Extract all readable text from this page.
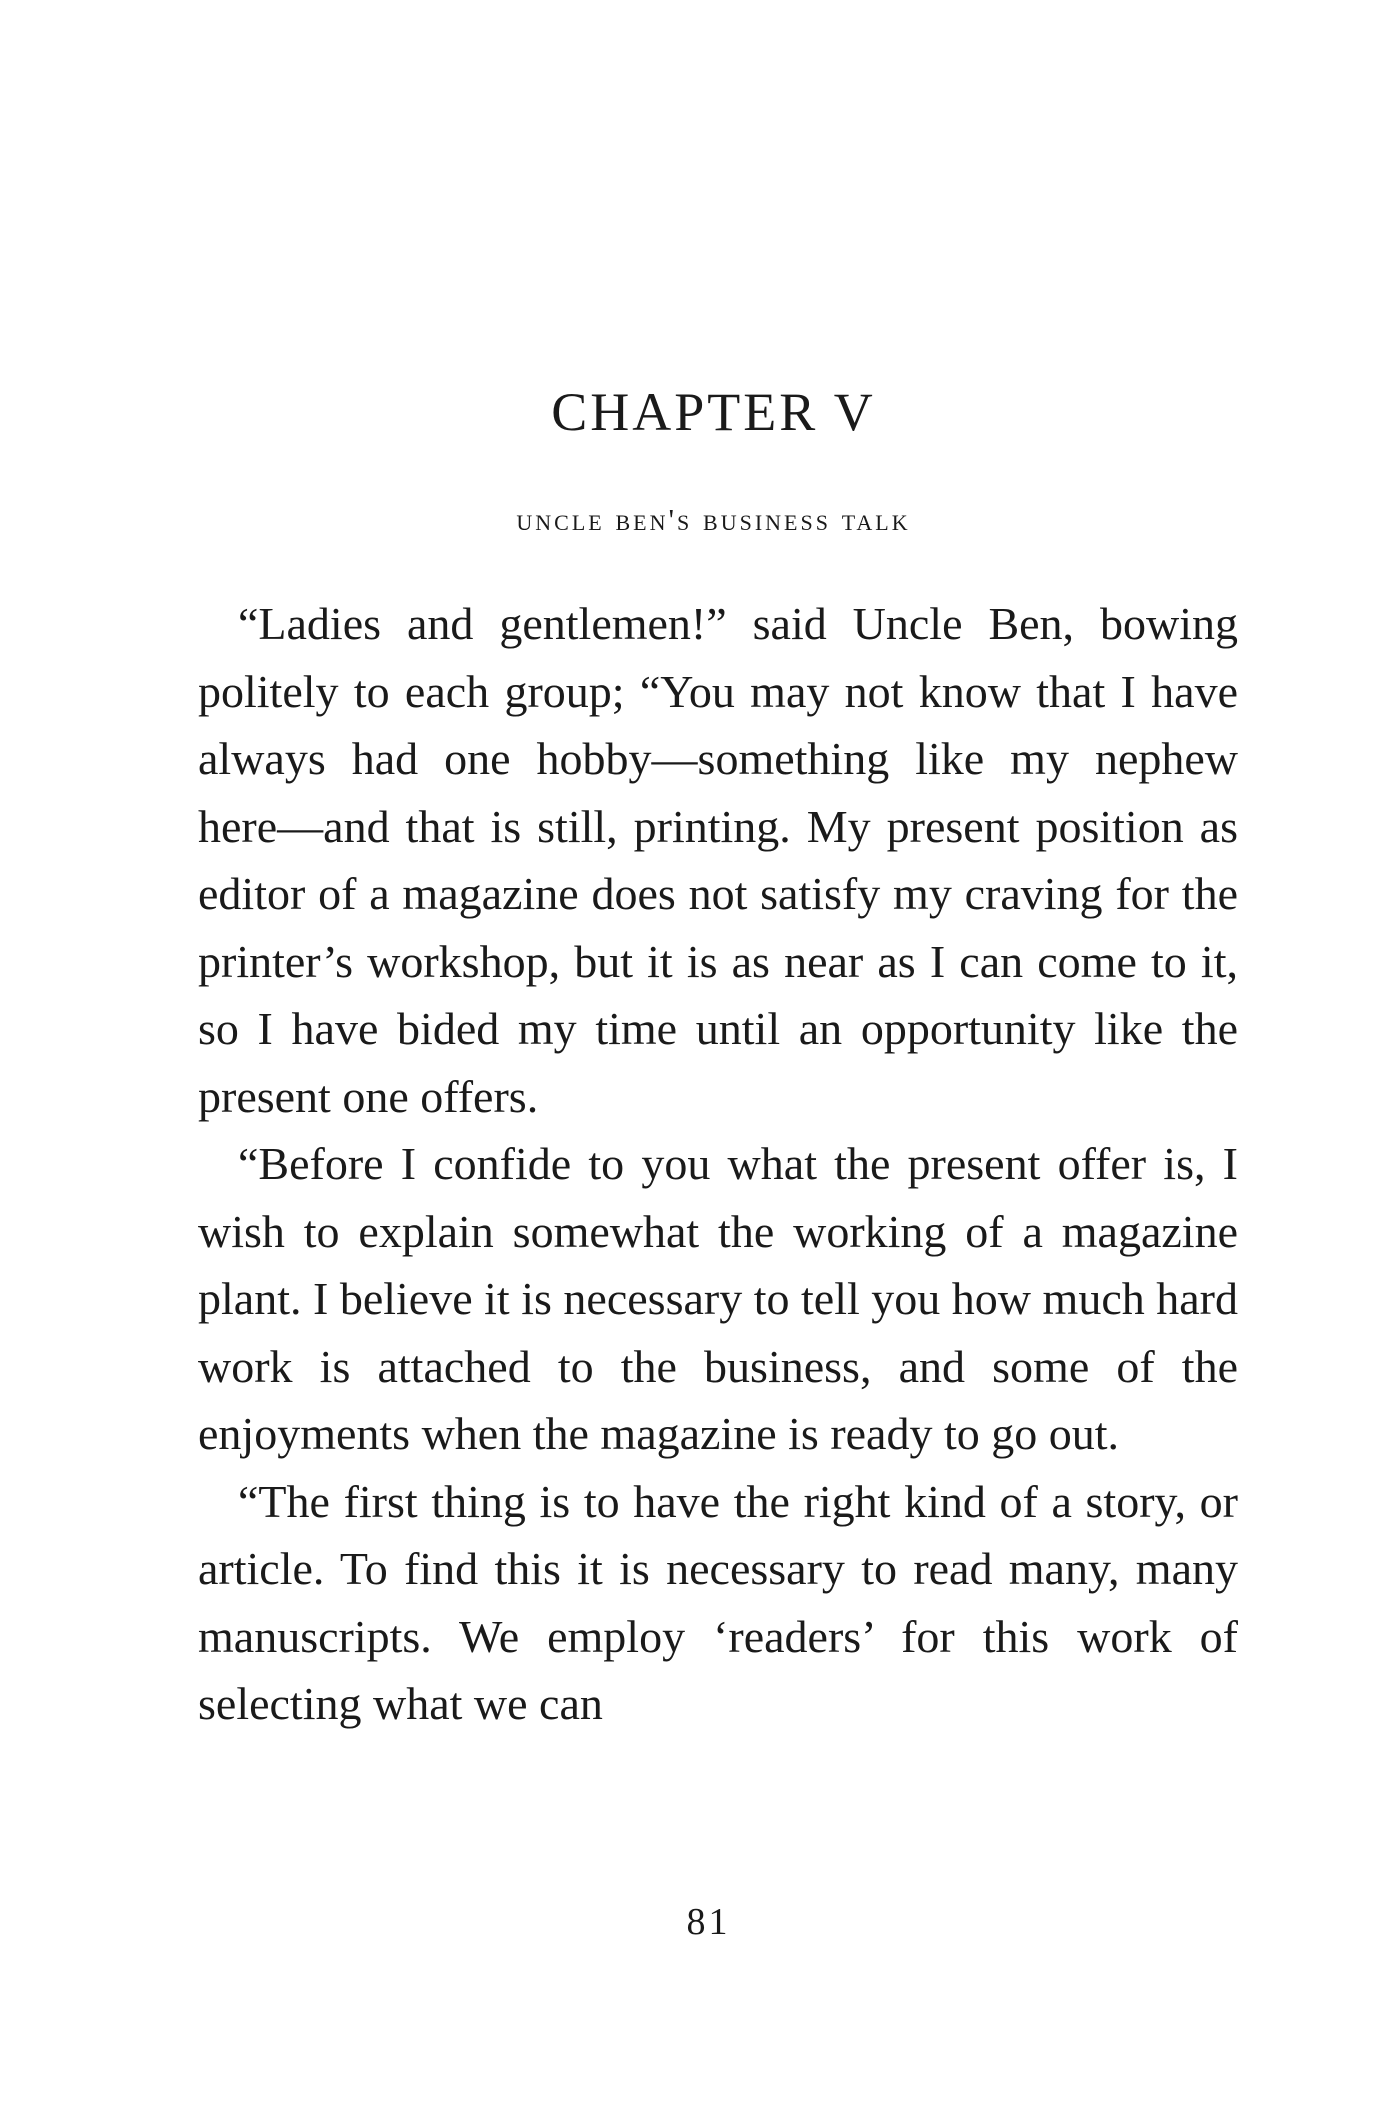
CHAPTER V
uncle ben's business talk

“Ladies and gentlemen!” said Uncle Ben, bowing politely to each group; “You may not know that I have always had one hobby—something like my nephew here—and that is still, printing. My present position as editor of a magazine does not satisfy my craving for the printer’s workshop, but it is as near as I can come to it, so I have bided my time until an opportunity like the present one offers.

“Before I confide to you what the present offer is, I wish to explain somewhat the working of a magazine plant. I believe it is necessary to tell you how much hard work is attached to the business, and some of the enjoyments when the magazine is ready to go out.

“The first thing is to have the right kind of a story, or article. To find this it is necessary to read many, many manuscripts. We employ ‘readers’ for this work of selecting what we can

81
